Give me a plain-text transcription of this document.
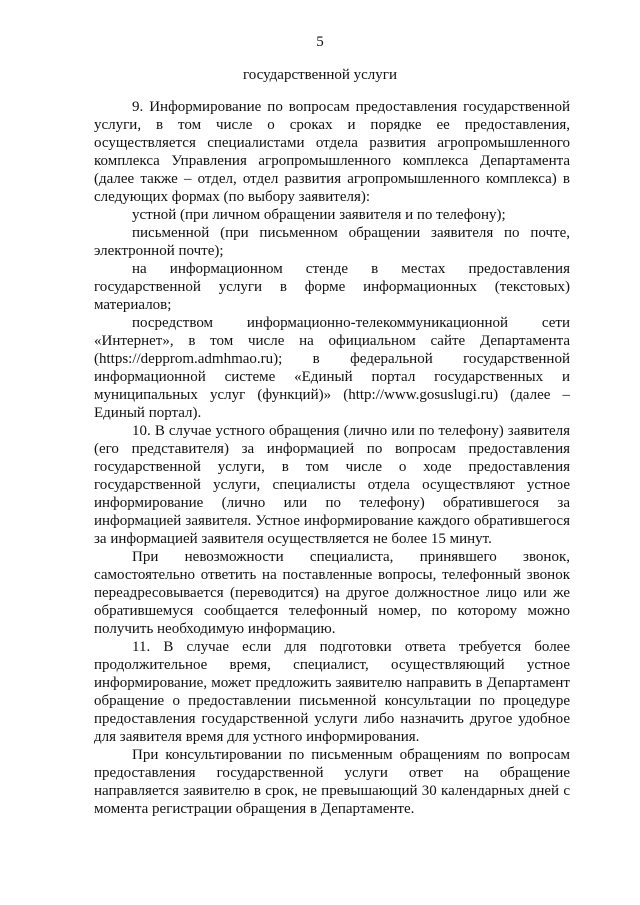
5
государственной услуги

9. Информирование по вопросам предоставления государственной услуги, в том числе о сроках и порядке ее предоставления, осуществляется специалистами отдела развития агропромышленного комплекса Управления агропромышленного комплекса Департамента (далее также – отдел, отдел развития агропромышленного комплекса) в следующих формах (по выбору заявителя):

устной (при личном обращении заявителя и по телефону);

письменной (при письменном обращении заявителя по почте, электронной почте);

на информационном стенде в местах предоставления государственной услуги в форме информационных (текстовых) материалов;

посредством информационно-телекоммуникационной сети «Интернет», в том числе на официальном сайте Департамента (https://depprom.admhmao.ru); в федеральной государственной информационной системе «Единый портал государственных и муниципальных услуг (функций)» (http://www.gosuslugi.ru) (далее – Единый портал).

10. В случае устного обращения (лично или по телефону) заявителя (его представителя) за информацией по вопросам предоставления государственной услуги, в том числе о ходе предоставления государственной услуги, специалисты отдела осуществляют устное информирование (лично или по телефону) обратившегося за информацией заявителя. Устное информирование каждого обратившегося за информацией заявителя осуществляется не более 15 минут.

При невозможности специалиста, принявшего звонок, самостоятельно ответить на поставленные вопросы, телефонный звонок переадресовывается (переводится) на другое должностное лицо или же обратившемуся сообщается телефонный номер, по которому можно получить необходимую информацию.

11. В случае если для подготовки ответа требуется более продолжительное время, специалист, осуществляющий устное информирование, может предложить заявителю направить в Департамент обращение о предоставлении письменной консультации по процедуре предоставления государственной услуги либо назначить другое удобное для заявителя время для устного информирования.

При консультировании по письменным обращениям по вопросам предоставления государственной услуги ответ на обращение направляется заявителю в срок, не превышающий 30 календарных дней с момента регистрации обращения в Департаменте.
